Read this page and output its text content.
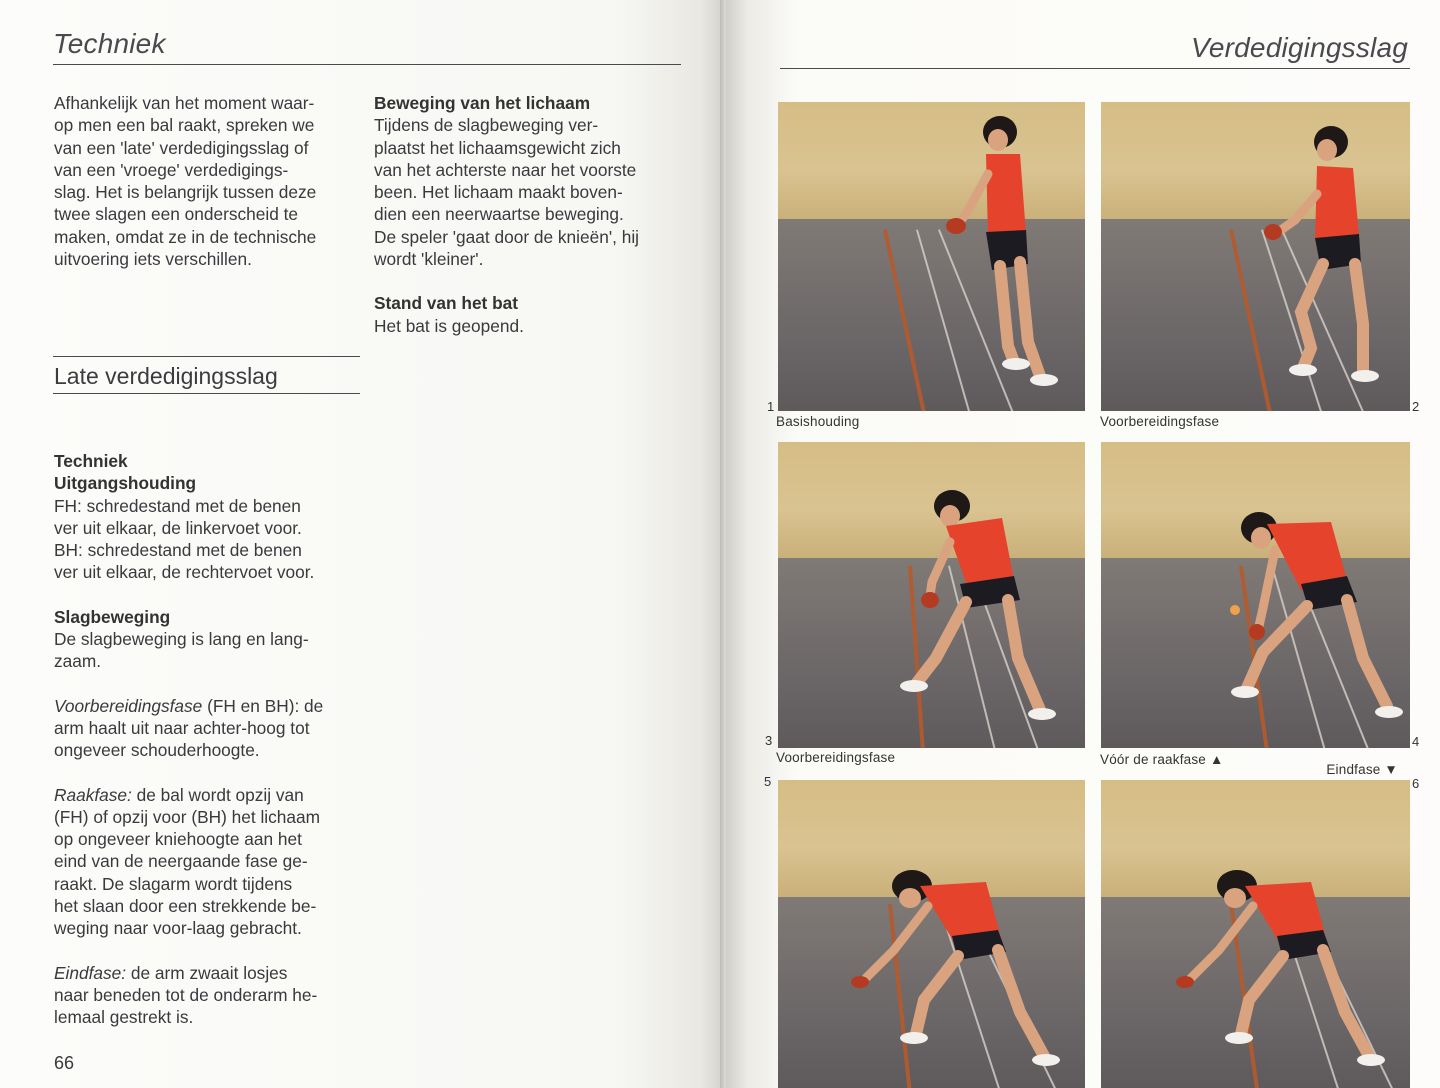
Techniek

Afhankelijk van het moment waar-
op men een bal raakt, spreken we
van een 'late' verdedigingsslag of
van een 'vroege' verdedigings-
slag. Het is belangrijk tussen deze
twee slagen een onderscheid te
maken, omdat ze in de technische
uitvoering iets verschillen.

Beweging van het lichaam

Tijdens de slagbeweging ver-
plaatst het lichaamsgewicht zich
van het achterste naar het voorste
been. Het lichaam maakt boven-
dien een neerwaartse beweging.
De speler 'gaat door de knieën', hij
wordt 'kleiner'.

Stand van het bat

Het bat is geopend.

Late verdedigingsslag

Techniek

Uitgangshouding

FH: schredestand met de benen
ver uit elkaar, de linkervoet voor.
BH: schredestand met de benen
ver uit elkaar, de rechtervoet voor.

Slagbeweging

De slagbeweging is lang en lang-
zaam.

Voorbereidingsfase (FH en BH): de
arm haalt uit naar achter-hoog tot
ongeveer schouderhoogte.

Raakfase: de bal wordt opzij van
(FH) of opzij voor (BH) het lichaam
op ongeveer kniehoogte aan het
eind van de neergaande fase ge-
raakt. De slagarm wordt tijdens
het slaan door een strekkende be-
weging naar voor-laag gebracht.

Eindfase: de arm zwaait losjes
naar beneden tot de onderarm he-
lemaal gestrekt is.

66
Verdedigingsslag
1
Basishouding
2
Voorbereidingsfase
3
Voorbereidingsfase
4
Vóór de raakfase ▲
5
Eindfase ▼
6
